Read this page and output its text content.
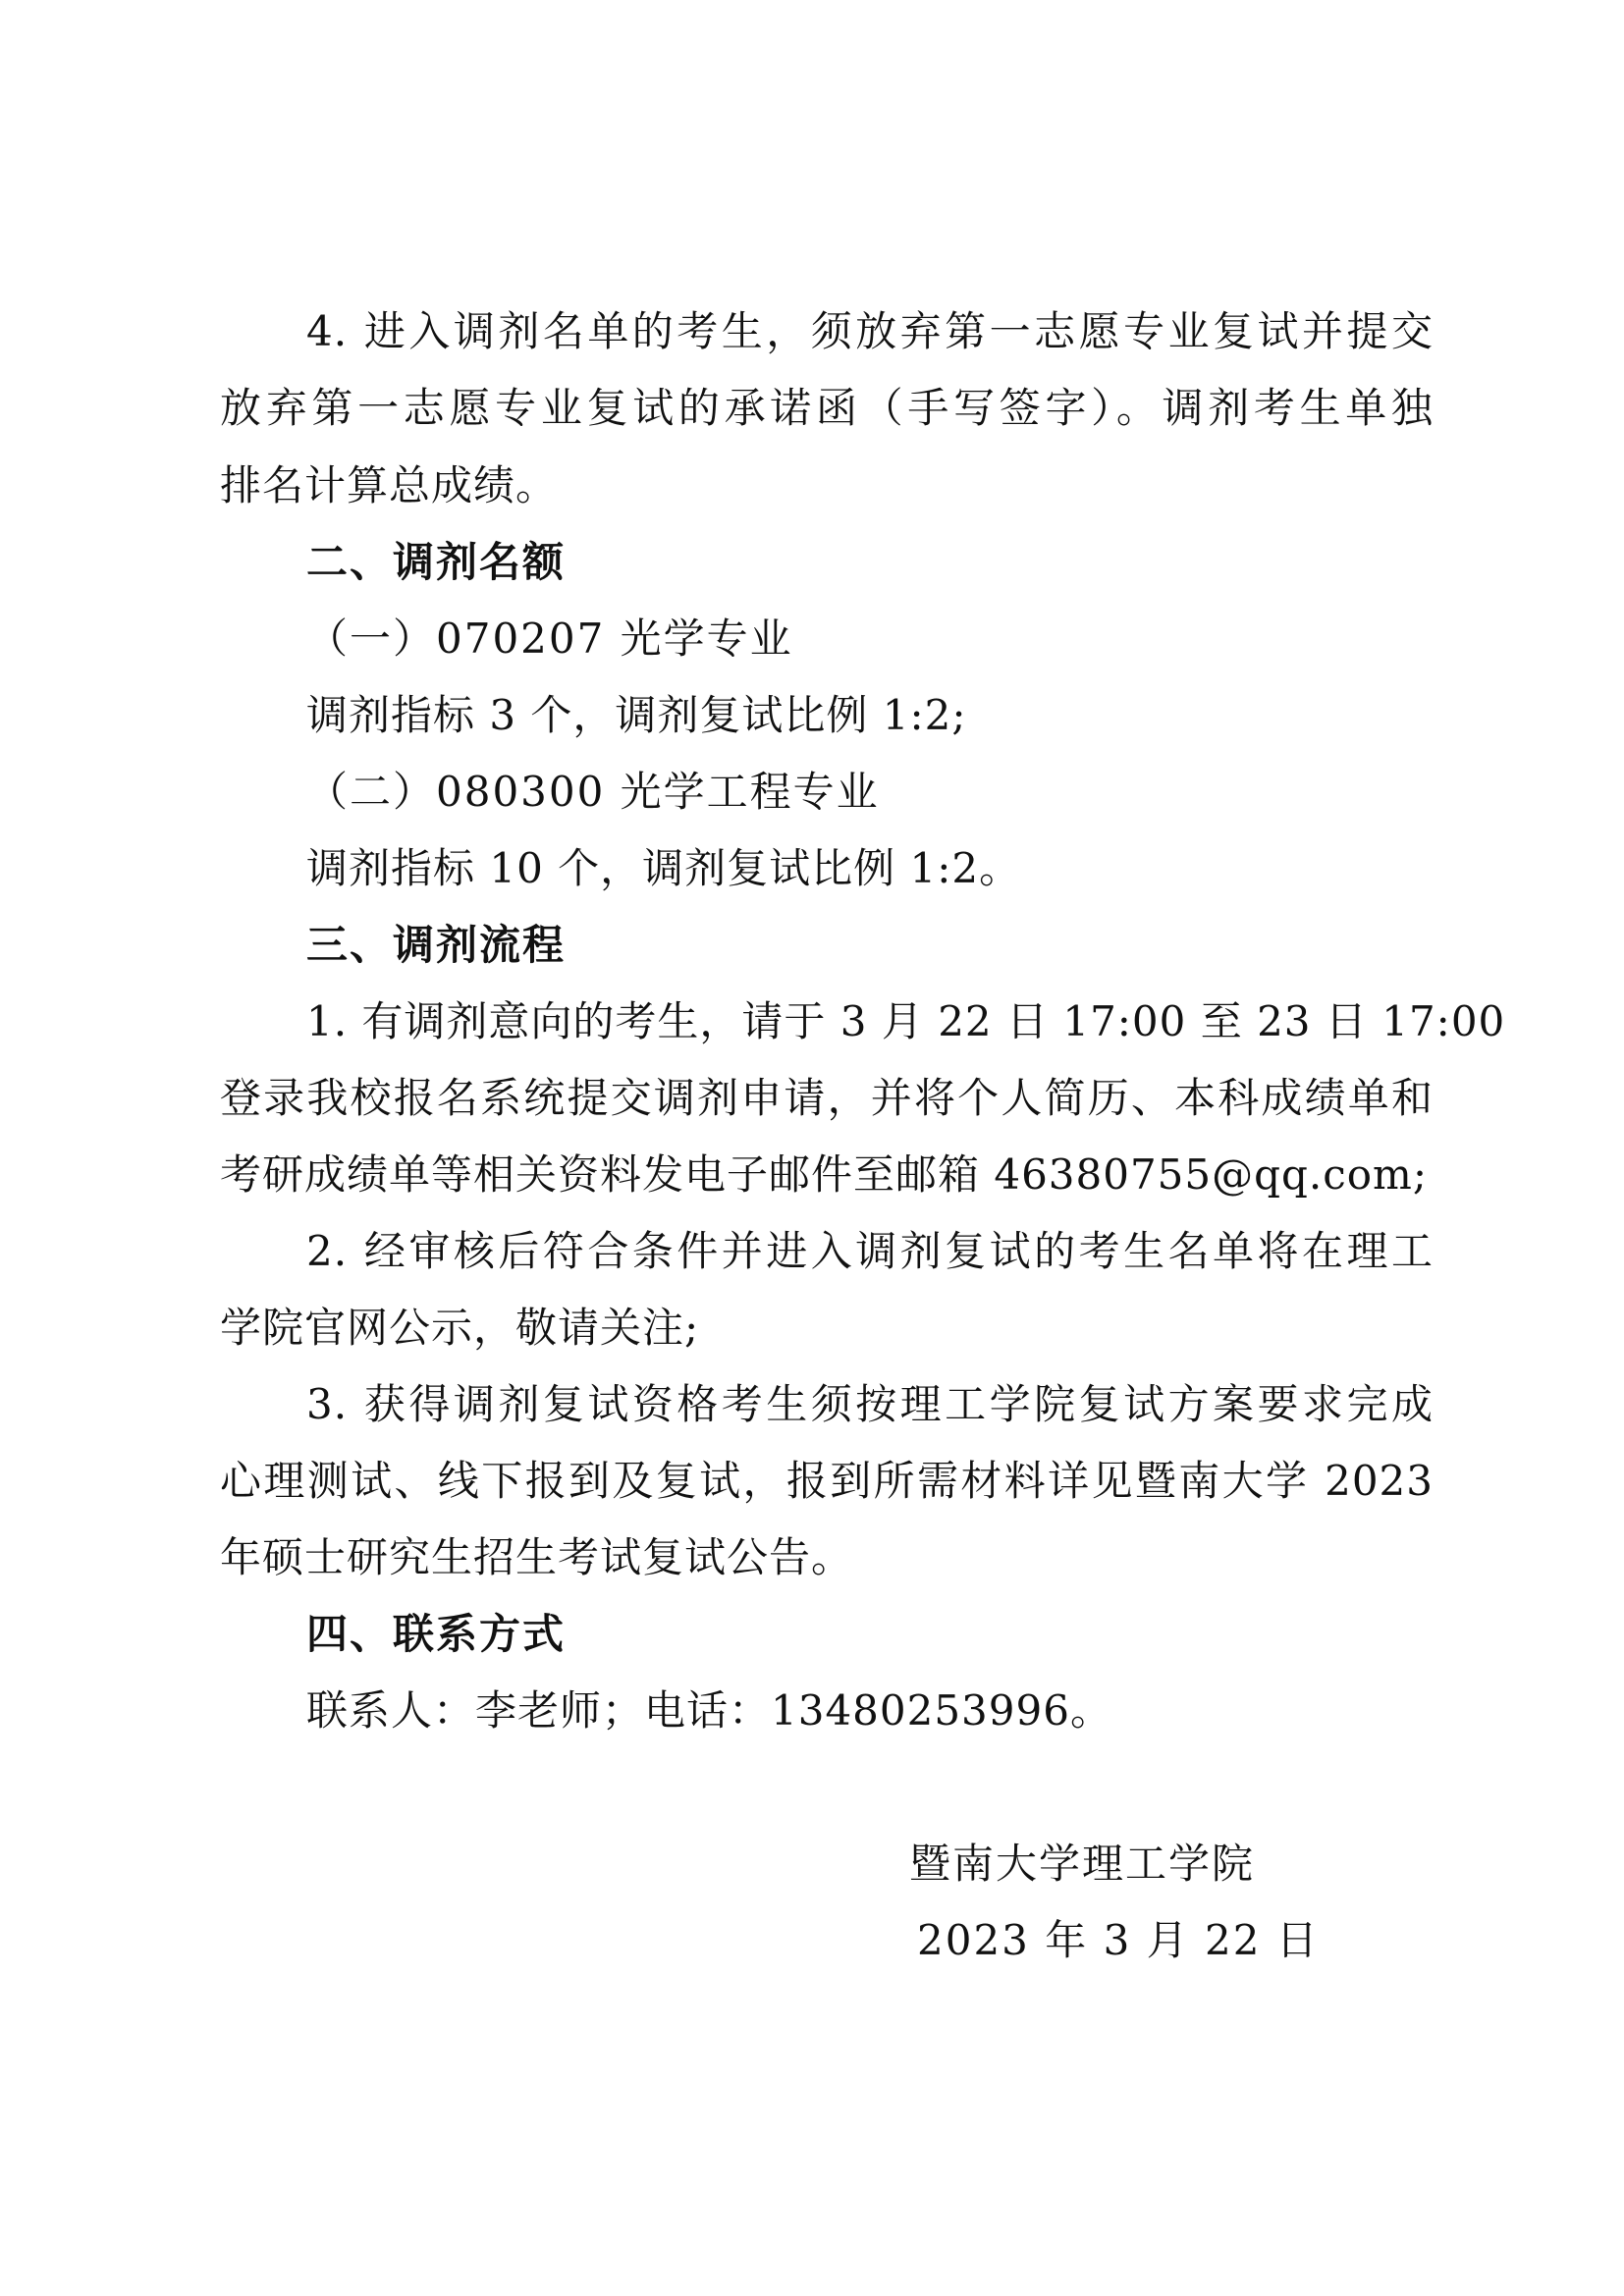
4. 进入调剂名单的考生，须放弃第一志愿专业复试并提交
放弃第一志愿专业复试的承诺函（手写签字）。调剂考生单独
排名计算总成绩。
二、调剂名额
（一）070207 光学专业
调剂指标 3 个，调剂复试比例 1:2;
（二）080300 光学工程专业
调剂指标 10 个，调剂复试比例 1:2。
三、调剂流程
1. 有调剂意向的考生，请于 3 月 22 日 17:00 至 23 日 17:00
登录我校报名系统提交调剂申请，并将个人简历、本科成绩单和
考研成绩单等相关资料发电子邮件至邮箱 46380755@qq.com;
2. 经审核后符合条件并进入调剂复试的考生名单将在理工
学院官网公示，敬请关注;
3. 获得调剂复试资格考生须按理工学院复试方案要求完成
心理测试、线下报到及复试，报到所需材料详见暨南大学 2023
年硕士研究生招生考试复试公告。
四、联系方式
联系人：李老师；电话：13480253996。
暨南大学理工学院
2023 年 3 月 22 日
